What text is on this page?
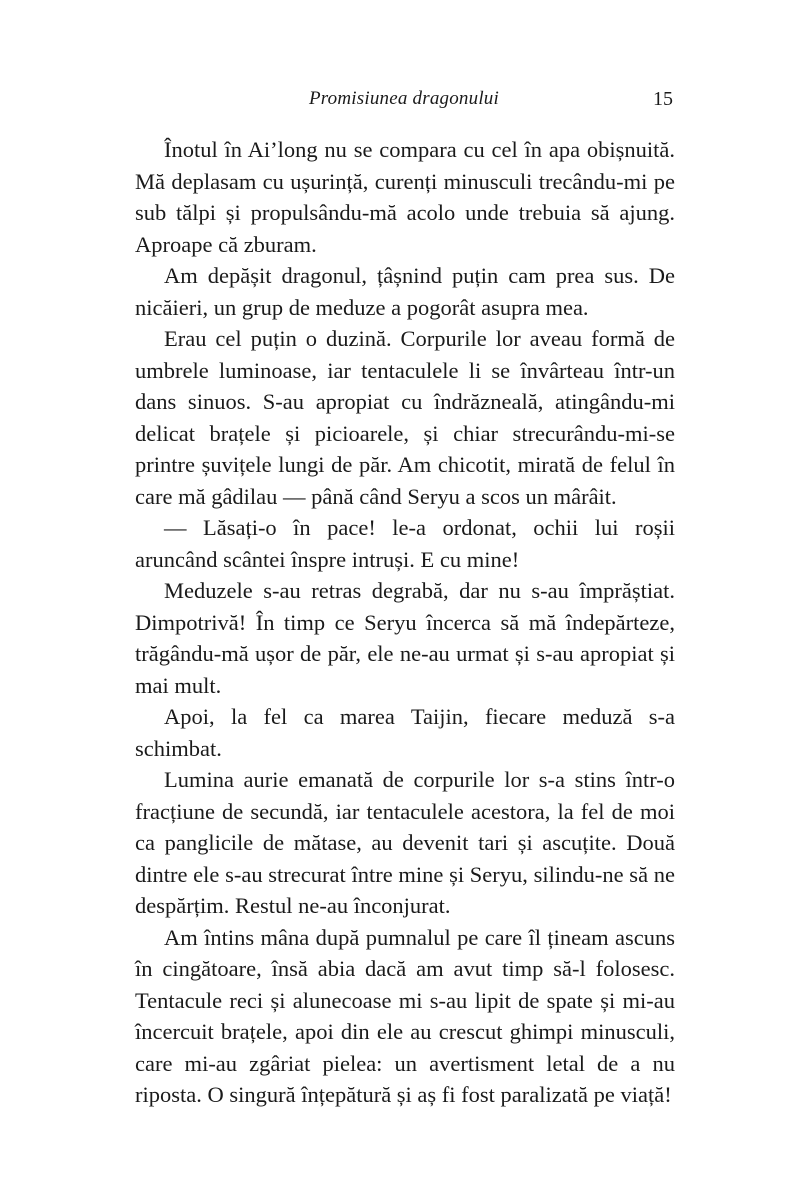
Promisiunea dragonului	15

Înotul în Ai’long nu se compara cu cel în apa obișnuită. Mă deplasam cu ușurință, curenți minusculi trecându-mi pe sub tălpi și propulsându-mă acolo unde trebuia să ajung. Aproape că zburam.

Am depășit dragonul, țâșnind puțin cam prea sus. De nicăieri, un grup de meduze a pogorât asupra mea.

Erau cel puțin o duzină. Corpurile lor aveau formă de umbrele luminoase, iar tentaculele li se învârteau într-un dans sinuos. S-au apropiat cu îndrăzneală, atingându-mi delicat brațele și picioarele, și chiar strecurându-mi-se printre șuvițele lungi de păr. Am chicotit, mirată de felul în care mă gâdilau — până când Seryu a scos un mârâit.

— Lăsați-o în pace! le-a ordonat, ochii lui roșii aruncând scântei înspre intruși. E cu mine!

Meduzele s-au retras degrabă, dar nu s-au împrăștiat. Dimpotrivă! În timp ce Seryu încerca să mă îndepărteze, trăgându-mă ușor de păr, ele ne-au urmat și s-au apropiat și mai mult.

Apoi, la fel ca marea Taijin, fiecare meduză s-a schimbat.

Lumina aurie emanată de corpurile lor s-a stins într-o fracțiune de secundă, iar tentaculele acestora, la fel de moi ca panglicile de mătase, au devenit tari și ascuțite. Două dintre ele s-au strecurat între mine și Seryu, silindu-ne să ne despărțim. Restul ne-au înconjurat.

Am întins mâna după pumnalul pe care îl țineam ascuns în cingătoare, însă abia dacă am avut timp să-l folosesc. Tentacule reci și alunecoase mi s-au lipit de spate și mi-au încercuit brațele, apoi din ele au crescut ghimpi minusculi, care mi-au zgâriat pielea: un avertisment letal de a nu riposta. O singură înțepătură și aș fi fost paralizată pe viață!
